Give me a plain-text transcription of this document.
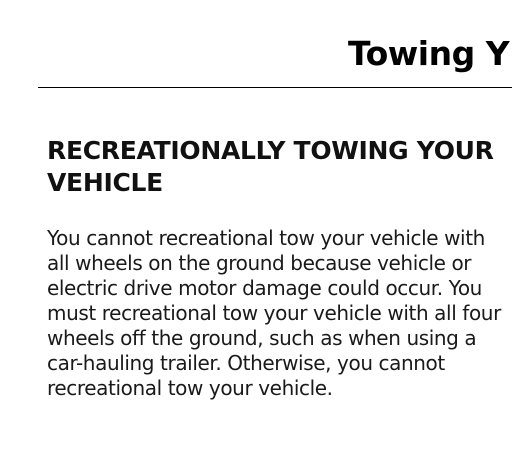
Towing Y
RECREATIONALLY TOWING YOUR VEHICLE

You cannot recreational tow your vehicle with all wheels on the ground because vehicle or electric drive motor damage could occur. You must recreational tow your vehicle with all four wheels off the ground, such as when using a car-hauling trailer. Otherwise, you cannot recreational tow your vehicle.
